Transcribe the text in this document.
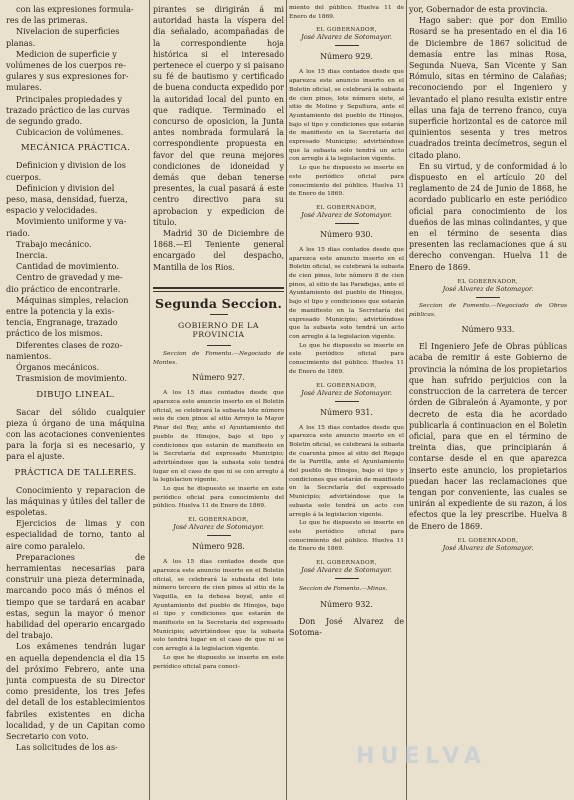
con las expresiones formula-

res de las primeras.

Nivelacion de superficies

planas.

Medicion de superficie y

volúmenes de los cuerpos re-

gulares y sus expresiones for-

mulares.

Principales propiedades y

trazado práctico de las curvas

de segundo grado.

Cubicacion de volúmenes.

MECÁNICA PRÁCTICA.

Definicion y division de los

cuerpos.

Definicion y division del

peso, masa, densidad, fuerza,

espacio y velocidades.

Movimiento uniforme y va-

riado.

Trabajo mecánico.

Inercia.

Cantidad de movimiento.

Centro de gravedad y me-

dio práctico de encontrarle.

Máquinas simples, relacion

entre la potencia y la exis-

tencia, Engranage, trazado

práctico de los mismos.

Diferentes clases de rozo-

namientos.

Órganos mecánicos.

Trasmision de movimiento.

DIBUJO LINEAL.

Sacar del sólido cualquier pieza ú órgano de una máquina con las acotaciones convenientes para la forja si es necesario, y para el ajuste.

PRÁCTICA DE TALLERES.

Conocimiento y reparacion de las máquinas y útiles del taller de espoletas.

Ejercicios de limas y con especialidad de torno, tanto al aire como paralelo.

Preparaciones de herramientas necesarias para construir una pieza determinada, marcando poco más ó ménos el tiempo que se tardará en acabar estas, segun la mayor ó menor habilidad del operario encargado del trabajo.

Los exámenes tendrán lugar en aquella dependencia el dia 15 del próximo Febrero, ante una junta compuesta de su Director como presidente, los tres Jefes del detall de los establecimientos fabriles existentes en dicha localidad, y de un Capitan como Secretario con voto.

Las solicitudes de los as-

pirantes se dirigirán á mi autoridad hasta la víspera del dia señalado, acompañadas de la correspondiente hoja histórica si el interesado pertenece el cuerpo y si paisano su fé de bautismo y certificado de buena conducta expedido por la autoridad local del punto en que radique. Terminado el concurso de oposicion, la Junta antes nombrada formulará la correspondiente propuesta en favor del que reuna mejores condiciones de idoneidad y demás que deban tenerse presentes, la cual pasará á este centro directivo para su aprobacion y expedicion de título.

Madrid 30 de Diciembre de 1868.—El Teniente general encargado del despacho, Mantilla de los Rios.

Segunda Seccion.
GOBIERNO DE LA PROVINCIA

Seccion de Fomento.—Negociado de Montes.

Número 927.

A los 15 dias contados desde que aparezca este anuncio inserto en el Boletin oficial, se celebrará la subasta lote número seis de cien pinos al sitio Arroyo la Mayor Pinar del Rey, ante el Ayuntamiento del pueblo de Hinojos, bajo el tipo y condiciones que estarán de manifiesto en la Secretaría del expresado Municipio; advirtiéndose que la subasta solo tendrá lugar en el caso de que ni se con arreglo á la legislacion vigente.

Lo que he dispuesto se inserte en este periódico oficial para conocimiento del público. Huelva 11 de Enero de 1869.

EL GOBERNADOR,
José Alvarez de Sotomayor.
Número 928.

A los 15 dias contados desde que aparezca este anuncio inserto en el Boletin oficial, se celebrará la subasta del lote número tercero de cien pinos al sitio de la Vaquilla, en la dehesa boyal, ante el Ayuntamiento del pueblo de Hinojos, bajo el tipo y condiciones que estarán de manifiesto en la Secretaría del expresado Municipio; advirtiéndose que la subasta solo tendrá lugar en el caso de que ni se con arreglo á la legislacion vigente.

Lo que he dispuesto se inserte en este periódico oficial para conoci-

miento del público. Huelva 11 de Enero de 1869.

EL GOBERNADOR,
José Alvarez de Sotomayor.
Número 929.

A los 15 dias contados desde que aparezca este anuncio inserto en el Boletin oficial, se celebrará la subasta de cien pinos, lote número siete, al sitio de Molino y Sepultura, ante el Ayuntamiento del pueblo de Hinojos, bajo el tipo y condiciones que estarán de manifiesto en la Secretaría del expresado Municipio; advirtiéndose que la subasta solo tendrá un acto con arreglo á la legislacion vigente.

Lo que he dispuesto se inserte en este periódico oficial para conocimiento del público. Huelva 11 de Enero de 1869.

EL GOBERNADOR,
José Alvarez de Sotomayor.
Número 930.

A los 15 dias contados desde que aparezca este anuncio inserto en el Boletin oficial, se celebrará la subasta de cien pinos, lote número 8 de cien pinos, al sitio de las Paradejas, ante el Ayuntamiento del pueblo de Hinojos, bajo el tipo y condiciones que estarán de manifiesto en la Secretaría del expresado Municipio; advirtiéndose que la subasta solo tendrá un acto con arreglo á la legislacion vigente.

Lo que he dispuesto se inserte en este periódico oficial para conocimiento del público. Huelva 11 de Enero de 1869.

EL GOBERNADOR,
José Alvarez de Sotomayor.
Número 931.

A los 15 dias contados desde que aparezca este anuncio inserto en el Boletin oficial, se celebrará la subasta de cuarenta pinos al sitio del Regajo de la Parrilla, ante el Ayuntamiento del pueblo de Hinojos, bajo el tipo y condiciones que estarán de manifiesto en la Secretaría del expresado Municipio; advirtiéndose que la subasta solo tendrá un acto con arreglo á la legislacion vigente.

Lo que he dispuesto se inserte en este periódico oficial para conocimiento del público. Huelva 11 de Enero de 1869.

EL GOBERNADOR,
José Alvarez de Sotomayor.

Seccion de Fomento.—Minas.

Número 932.

Don José Alvarez de Sotoma-

yor, Gobernador de esta provincia.

Hago saber: que por don Emilio Rosard se ha presentado en el dia 16 de Diciembre de 1867 solicitud de demasía entre las minas Rosa, Segunda Nueva, San Vicente y San Rómulo, sitas en término de Calañas; reconociendo por el Ingeniero y levantado el plano resulta existir entre ellas una faja de terreno franco, cuya superficie horizontal es de catorce mil quinientos sesenta y tres metros cuadrados treinta decímetros, segun el citado plano.

En su virtud, y de conformidad á lo dispuesto en el artículo 20 del reglamento de 24 de Junio de 1868, he acordado publicarlo en este periódico oficial para conocimiento de los dueños de las minas colindantes, y que en el término de sesenta dias presenten las reclamaciones que á su derecho convengan. Huelva 11 de Enero de 1869.

EL GOBERNADOR,
José Alvarez de Sotomayor.

Seccion de Fomento.—Negociado de Obras públicas.

Número 933.

El Ingeniero Jefe de Obras públicas acaba de remitir á este Gobierno de provincia la nómina de los propietarios que han sufrido perjuicios con la construccion de la carretera de tercer órden de Gibraleón á Ayamonte, y por decreto de esta dia he acordado publicarla á continuacion en el Boletin oficial, para que en el término de treinta dias, que principiarán á contarse desde el en que aparezca inserto este anuncio, los propietarios puedan hacer las reclamaciones que tengan por conveniente, las cuales se unirán al expediente de su razon, á los efectos que la ley prescribe. Huelva 8 de Enero de 1869.

EL GOBERNADOR,
José Alvarez de Sotomayor.
HUELVA
